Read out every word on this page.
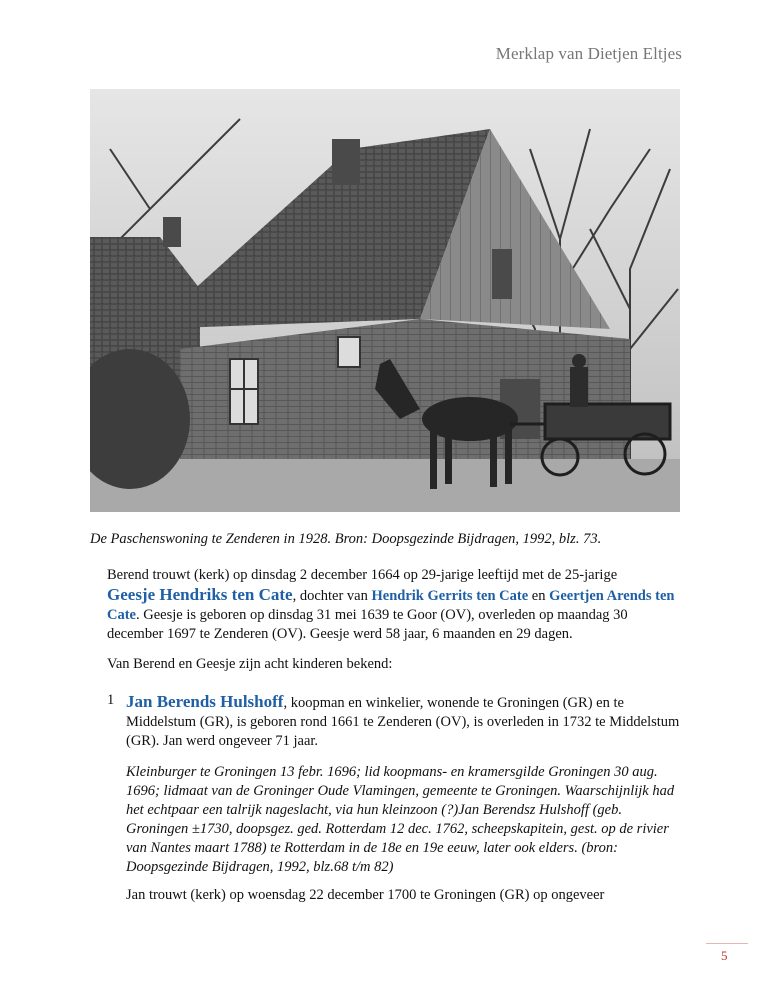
Merklap van Dietjen Eltjes
De Paschenswoning te Zenderen in 1928. Bron: Doopsgezinde Bijdragen, 1992, blz. 73.
Berend trouwt (kerk) op dinsdag 2 december 1664 op 29-jarige leeftijd met de 25-jarige
Geesje Hendriks ten Cate, dochter van Hendrik Gerrits ten Cate en Geertjen Arends ten Cate. Geesje is geboren op dinsdag 31 mei 1639 te Goor (OV), overleden op maandag 30 december 1697 te Zenderen (OV). Geesje werd 58 jaar, 6 maanden en 29 dagen.
Van Berend en Geesje zijn acht kinderen bekend:
1 Jan Berends Hulshoff, koopman en winkelier, wonende te Groningen (GR) en te Middelstum (GR), is geboren rond 1661 te Zenderen (OV), is overleden in 1732 te Middelstum (GR). Jan werd ongeveer 71 jaar.
Kleinburger te Groningen 13 febr. 1696; lid koopmans- en kramersgilde Groningen 30 aug. 1696; lidmaat van de Groninger Oude Vlamingen, gemeente te Groningen. Waarschijnlijk had het echtpaar een talrijk nageslacht, via hun kleinzoon (?)Jan Berendsz Hulshoff (geb. Groningen ±1730, doopsgez. ged. Rotterdam 12 dec. 1762, scheepskapitein, gest. op de rivier van Nantes maart 1788) te Rotterdam in de 18e en 19e eeuw, later ook elders. (bron: Doopsgezinde Bijdragen, 1992, blz.68 t/m 82)
Jan trouwt (kerk) op woensdag 22 december 1700 te Groningen (GR) op ongeveer
5
